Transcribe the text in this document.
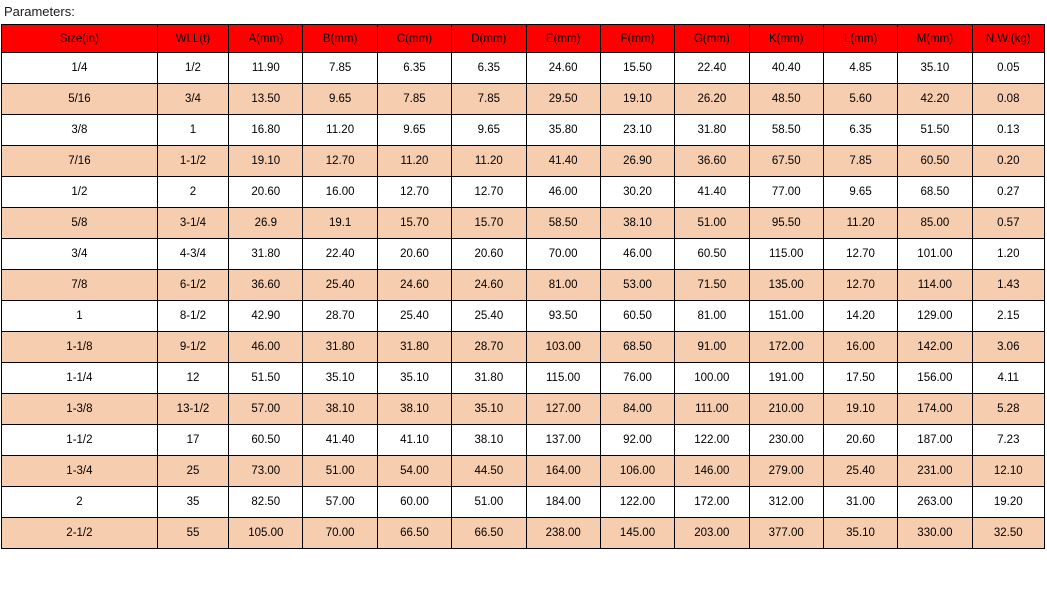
Parameters:
Size(in)	WLL(t)	A(mm)	B(mm)	C(mm)	D(mm)	E(mm)	F(mm)	G(mm)	K(mm)	L(mm)	M(mm)	N.W.(kg)
1/4	1/2	11.90	7.85	6.35	6.35	24.60	15.50	22.40	40.40	4.85	35.10	0.05
5/16	3/4	13.50	9.65	7.85	7.85	29.50	19.10	26.20	48.50	5.60	42.20	0.08
3/8	1	16.80	11.20	9.65	9.65	35.80	23.10	31.80	58.50	6.35	51.50	0.13
7/16	1-1/2	19.10	12.70	11.20	11.20	41.40	26.90	36.60	67.50	7.85	60.50	0.20
1/2	2	20.60	16.00	12.70	12.70	46.00	30.20	41.40	77.00	9.65	68.50	0.27
5/8	3-1/4	26.9	19.1	15.70	15.70	58.50	38.10	51.00	95.50	11.20	85.00	0.57
3/4	4-3/4	31.80	22.40	20.60	20.60	70.00	46.00	60.50	115.00	12.70	101.00	1.20
7/8	6-1/2	36.60	25.40	24.60	24.60	81.00	53.00	71.50	135.00	12.70	114.00	1.43
1	8-1/2	42.90	28.70	25.40	25.40	93.50	60.50	81.00	151.00	14.20	129.00	2.15
1-1/8	9-1/2	46.00	31.80	31.80	28.70	103.00	68.50	91.00	172.00	16.00	142.00	3.06
1-1/4	12	51.50	35.10	35.10	31.80	115.00	76.00	100.00	191.00	17.50	156.00	4.11
1-3/8	13-1/2	57.00	38.10	38.10	35.10	127.00	84.00	111.00	210.00	19.10	174.00	5.28
1-1/2	17	60.50	41.40	41.10	38.10	137.00	92.00	122.00	230.00	20.60	187.00	7.23
1-3/4	25	73.00	51.00	54.00	44.50	164.00	106.00	146.00	279.00	25.40	231.00	12.10
2	35	82.50	57.00	60.00	51.00	184.00	122.00	172.00	312.00	31.00	263.00	19.20
2-1/2	55	105.00	70.00	66.50	66.50	238.00	145.00	203.00	377.00	35.10	330.00	32.50
